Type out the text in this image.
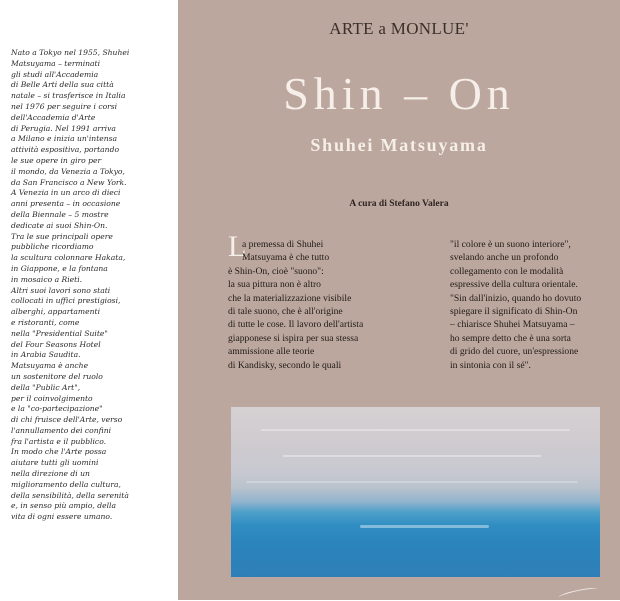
Nato a Tokyo nel 1955, Shuhei
Matsuyama – terminati
gli studi all'Accademia
di Belle Arti della sua città
natale – si trasferisce in Italia
nel 1976 per seguire i corsi
dell'Accademia d'Arte
di Perugia. Nel 1991 arriva
a Milano e inizia un'intensa
attività espositiva, portando
le sue opere in giro per
il mondo, da Venezia a Tokyo,
da San Francisco a New York.
A Venezia in un arco di dieci
anni presenta – in occasione
della Biennale – 5 mostre
dedicate ai suoi Shin-On.
Tra le sue principali opere
pubbliche ricordiamo
la scultura colonnare Hakata,
in Giappone, e la fontana
in mosaico a Rieti.
Altri suoi lavori sono stati
collocati in uffici prestigiosi,
alberghi, appartamenti
e ristoranti, come
nella "Presidential Suite"
del Four Seasons Hotel
in Arabia Saudita.
Matsuyama è anche
un sostenitore del ruolo
della "Public Art",
per il coinvolgimento
e la "co-partecipazione"
di chi fruisce dell'Arte, verso
l'annullamento dei confini
fra l'artista e il pubblico.
In modo che l'Arte possa
aiutare tutti gli uomini
nella direzione di un
miglioramento della cultura,
della sensibilità, della serenità
e, in senso più ampio, della
vita di ogni essere umano.
ARTE a MONLUE'
Shin – On
Shuhei Matsuyama
A cura di Stefano Valera
L
a premessa di Shuhei
Matsuyama è che tutto
è Shin-On, cioè "suono":
la sua pittura non è altro
che la materializzazione visibile
di tale suono, che è all'origine
di tutte le cose. Il lavoro dell'artista
giapponese si ispira per sua stessa
ammissione alle teorie
di Kandisky, secondo le quali
"il colore è un suono interiore",
svelando anche un profondo
collegamento con le modalità
espressive della cultura orientale.
"Sin dall'inizio, quando ho dovuto
spiegare il significato di Shin-On
– chiarisce Shuhei Matsuyama –
ho sempre detto che è una sorta
di grido del cuore, un'espressione
in sintonia con il sé".
